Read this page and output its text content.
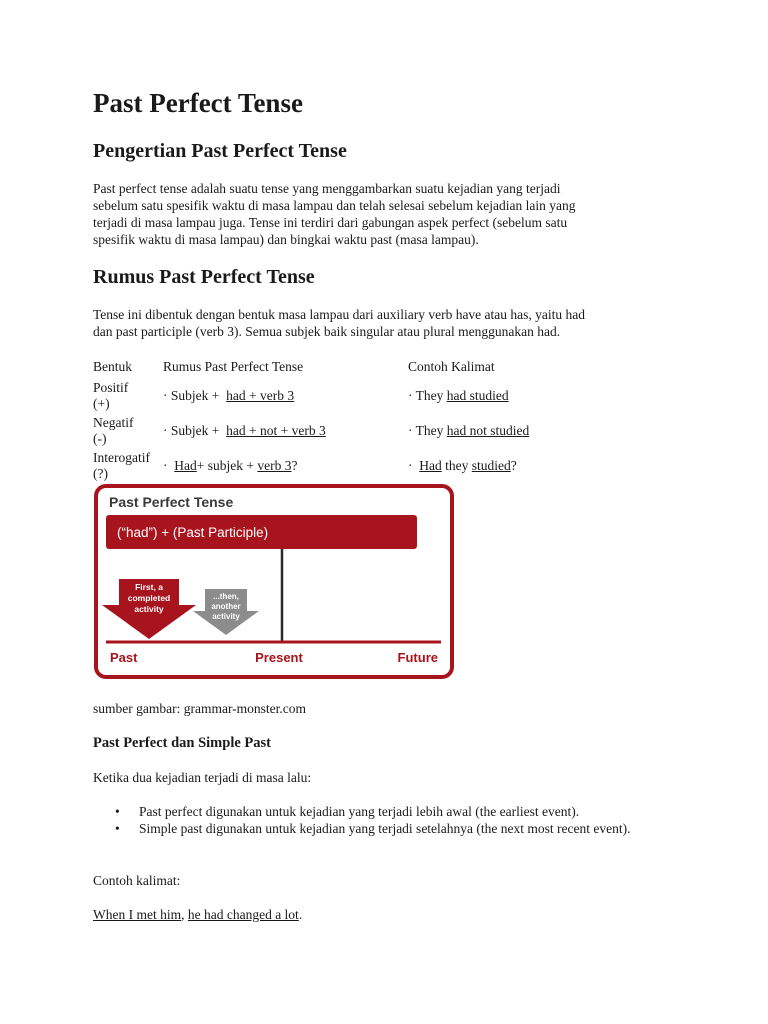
Past Perfect Tense
Pengertian Past Perfect Tense

Past perfect tense adalah suatu tense yang menggambarkan suatu kejadian yang terjadi
sebelum satu spesifik waktu di masa lampau dan telah selesai sebelum kejadian lain yang
terjadi di masa lampau juga. Tense ini terdiri dari gabungan aspek perfect (sebelum satu
spesifik waktu di masa lampau) dan bingkai waktu past (masa lampau).

Rumus Past Perfect Tense

Tense ini dibentuk dengan bentuk masa lampau dari auxiliary verb have atau has, yaitu had
dan past participle (verb 3). Semua subjek baik singular atau plural menggunakan had.

Bentuk	Rumus Past Perfect Tense	Contoh Kalimat
Positif
(+)	· Subjek +  had + verb 3	· They had studied
Negatif
(-)	· Subjek +  had + not + verb 3	· They had not studied
Interogatif
(?)	·  Had+ subjek + verb 3?	·  Had they studied?
Past Perfect Tense
(“had”) + (Past Participle)
First, a
completed
activity
...then,
another
activity
Past	Present	Future

sumber gambar: grammar-monster.com

Past Perfect dan Simple Past

Ketika dua kejadian terjadi di masa lalu:

• Past perfect digunakan untuk kejadian yang terjadi lebih awal (the earliest event).
• Simple past digunakan untuk kejadian yang terjadi setelahnya (the next most recent event).

Contoh kalimat:

When I met him, he had changed a lot.
